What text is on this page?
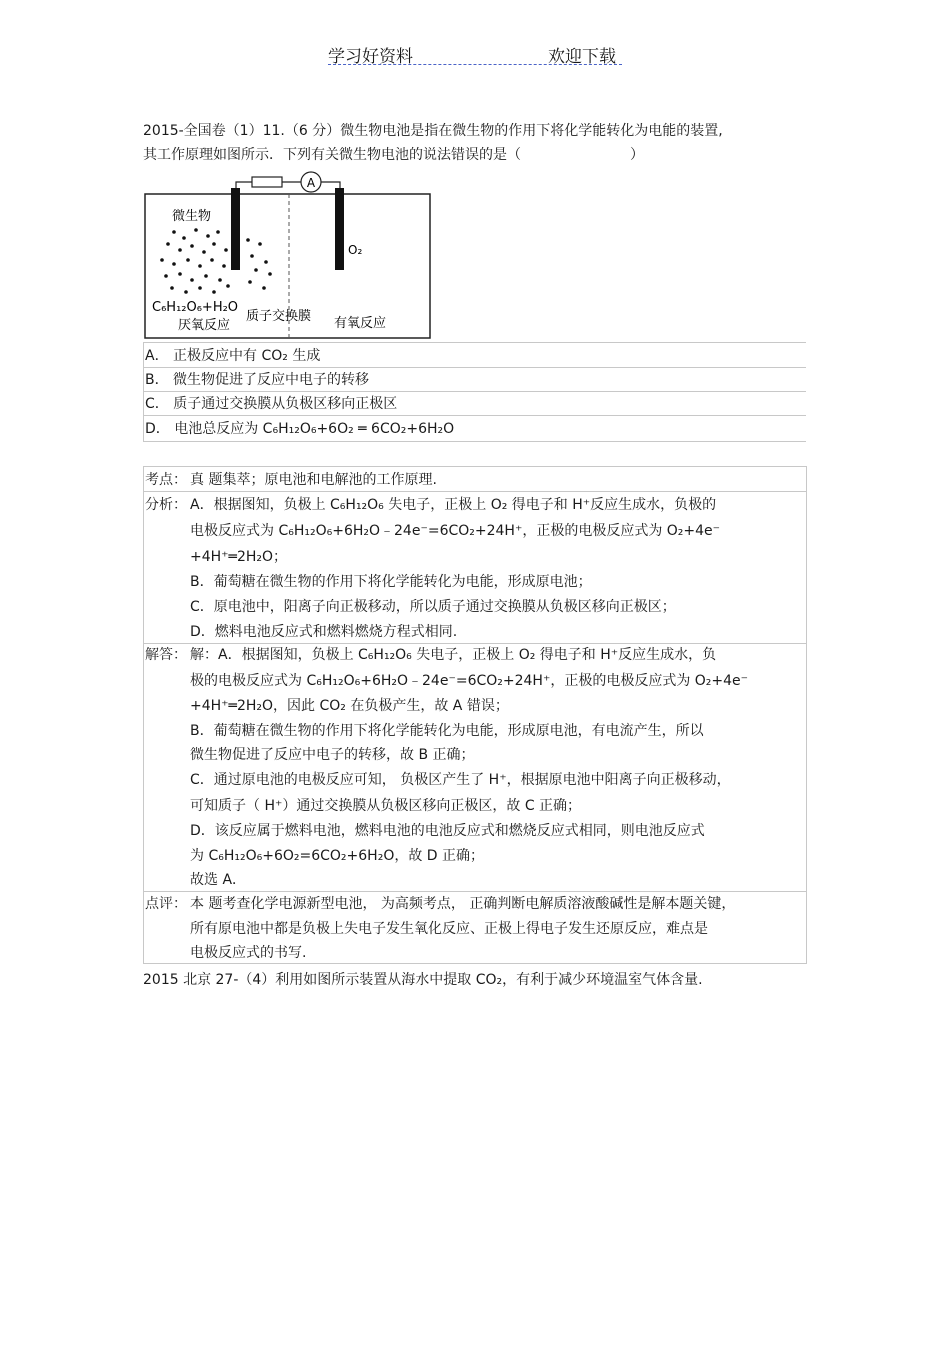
学习好资料	欢迎下载
2015-全国卷（1）11.（6 分）微生物电池是指在微生物的作用下将化学能转化为电能的装置,
其工作原理如图所示．下列有关微生物电池的说法错误的是（	）
A
微生物
O₂
C₆H₁₂O₆+H₂O
厌氧反应
质子交换膜 有氧反应
A． 正极反应中有 CO₂ 生成
B． 微生物促进了反应中电子的转移
C． 质子通过交换膜从负极区移向正极区
D． 电池总反应为 C₆H₁₂O₆+6O₂ ═ 6CO₂+6H₂O
考点： 真 题集萃；原电池和电解池的工作原理.
分析： A．根据图知，负极上 C₆H₁₂O₆ 失电子，正极上 O₂ 得电子和 H⁺反应生成水，负极的
电极反应式为 C₆H₁₂O₆+6H₂O﹣24e⁻=6CO₂+24H⁺，正极的电极反应式为 O₂+4e⁻
+4H⁺═2H₂O；
B．葡萄糖在微生物的作用下将化学能转化为电能，形成原电池；
C．原电池中，阳离子向正极移动，所以质子通过交换膜从负极区移向正极区；
D．燃料电池反应式和燃料燃烧方程式相同.
解答： 解：A．根据图知，负极上 C₆H₁₂O₆ 失电子，正极上 O₂ 得电子和 H⁺反应生成水，负
极的电极反应式为 C₆H₁₂O₆+6H₂O﹣24e⁻=6CO₂+24H⁺，正极的电极反应式为 O₂+4e⁻
+4H⁺═2H₂O，因此 CO₂ 在负极产生，故 A 错误；
B．葡萄糖在微生物的作用下将化学能转化为电能，形成原电池，有电流产生，所以
微生物促进了反应中电子的转移，故 B 正确；
C．通过原电池的电极反应可知， 负极区产生了 H⁺，根据原电池中阳离子向正极移动，
可知质子（ H⁺）通过交换膜从负极区移向正极区，故 C 正确；
D．该反应属于燃料电池，燃料电池的电池反应式和燃烧反应式相同，则电池反应式
为 C₆H₁₂O₆+6O₂=6CO₂+6H₂O，故 D 正确；
故选 A．
点评： 本 题考查化学电源新型电池， 为高频考点， 正确判断电解质溶液酸碱性是解本题关键，
所有原电池中都是负极上失电子发生氧化反应、正极上得电子发生还原反应，难点是
电极反应式的书写.
2015 北京 27-（4）利用如图所示装置从海水中提取 CO₂，有利于减少环境温室气体含量.
